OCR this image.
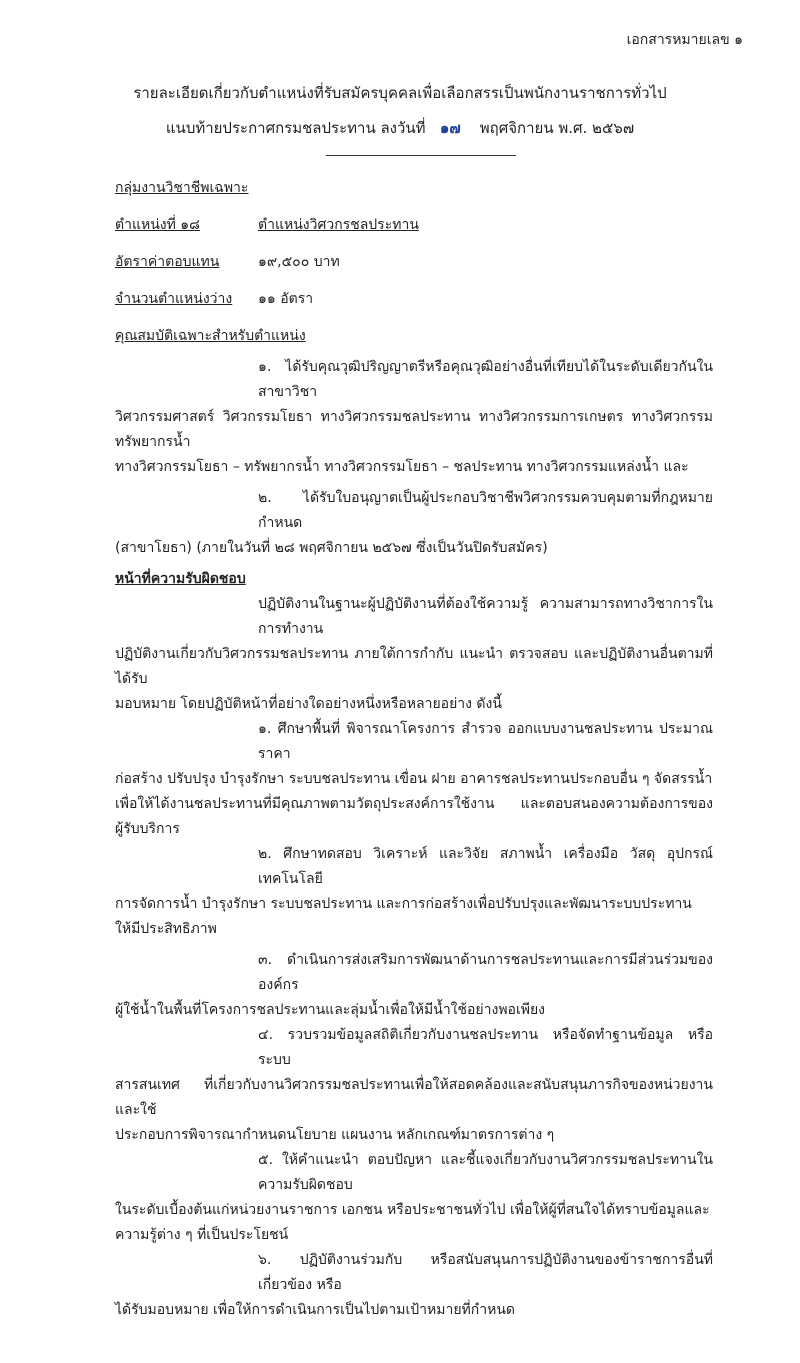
เอกสารหมายเลข ๑
รายละเอียดเกี่ยวกับตำแหน่งที่รับสมัครบุคคลเพื่อเลือกสรรเป็นพนักงานราชการทั่วไป
แนบท้ายประกาศกรมชลประทาน ลงวันที่ ๑๗ พฤศจิกายน พ.ศ. ๒๕๖๗
กลุ่มงานวิชาชีพเฉพาะ
ตำแหน่งที่ ๑๘	ตำแหน่งวิศวกรชลประทาน
อัตราค่าตอบแทน	๑๙,๕๐๐ บาท
จำนวนตำแหน่งว่าง	๑๑ อัตรา
คุณสมบัติเฉพาะสำหรับตำแหน่ง
๑. ได้รับคุณวุฒิปริญญาตรีหรือคุณวุฒิอย่างอื่นที่เทียบได้ในระดับเดียวกันในสาขาวิชา
วิศวกรรมศาสตร์ วิศวกรรมโยธา ทางวิศวกรรมชลประทาน ทางวิศวกรรมการเกษตร ทางวิศวกรรมทรัพยากรน้ำ
ทางวิศวกรรมโยธา – ทรัพยากรน้ำ ทางวิศวกรรมโยธา – ชลประทาน ทางวิศวกรรมแหล่งน้ำ และ
๒. ได้รับใบอนุญาตเป็นผู้ประกอบวิชาชีพวิศวกรรมควบคุมตามที่กฎหมายกำหนด
(สาขาโยธา) (ภายในวันที่ ๒๘ พฤศจิกายน ๒๕๖๗ ซึ่งเป็นวันปิดรับสมัคร)
หน้าที่ความรับผิดชอบ
ปฏิบัติงานในฐานะผู้ปฏิบัติงานที่ต้องใช้ความรู้ ความสามารถทางวิชาการในการทำงาน
ปฏิบัติงานเกี่ยวกับวิศวกรรมชลประทาน ภายใต้การกำกับ แนะนำ ตรวจสอบ และปฏิบัติงานอื่นตามที่ได้รับ
มอบหมาย โดยปฏิบัติหน้าที่อย่างใดอย่างหนึ่งหรือหลายอย่าง ดังนี้
๑. ศึกษาพื้นที่ พิจารณาโครงการ สำรวจ ออกแบบงานชลประทาน ประมาณราคา
ก่อสร้าง ปรับปรุง บำรุงรักษา ระบบชลประทาน เขื่อน ฝาย อาคารชลประทานประกอบอื่น ๆ จัดสรรน้ำ
เพื่อให้ได้งานชลประทานที่มีคุณภาพตามวัตถุประสงค์การใช้งาน และตอบสนองความต้องการของผู้รับบริการ
๒. ศึกษาทดสอบ วิเคราะห์ และวิจัย สภาพน้ำ เครื่องมือ วัสดุ อุปกรณ์เทคโนโลยี
การจัดการน้ำ บำรุงรักษา ระบบชลประทาน และการก่อสร้างเพื่อปรับปรุงและพัฒนาระบบประทาน
ให้มีประสิทธิภาพ
๓. ดำเนินการส่งเสริมการพัฒนาด้านการชลประทานและการมีส่วนร่วมขององค์กร
ผู้ใช้น้ำในพื้นที่โครงการชลประทานและลุ่มน้ำเพื่อให้มีน้ำใช้อย่างพอเพียง
๔. รวบรวมข้อมูลสถิติเกี่ยวกับงานชลประทาน หรือจัดทำฐานข้อมูล หรือระบบ
สารสนเทศ ที่เกี่ยวกับงานวิศวกรรมชลประทานเพื่อให้สอดคล้องและสนับสนุนภารกิจของหน่วยงาน และใช้
ประกอบการพิจารณากำหนดนโยบาย แผนงาน หลักเกณฑ์มาตรการต่าง ๆ
๕. ให้คำแนะนำ ตอบปัญหา และชี้แจงเกี่ยวกับงานวิศวกรรมชลประทานในความรับผิดชอบ
ในระดับเบื้องต้นแก่หน่วยงานราชการ เอกชน หรือประชาชนทั่วไป เพื่อให้ผู้ที่สนใจได้ทราบข้อมูลและ
ความรู้ต่าง ๆ ที่เป็นประโยชน์
๖. ปฏิบัติงานร่วมกับ หรือสนับสนุนการปฏิบัติงานของข้าราชการอื่นที่เกี่ยวข้อง หรือ
ได้รับมอบหมาย เพื่อให้การดำเนินการเป็นไปตามเป้าหมายที่กำหนด
